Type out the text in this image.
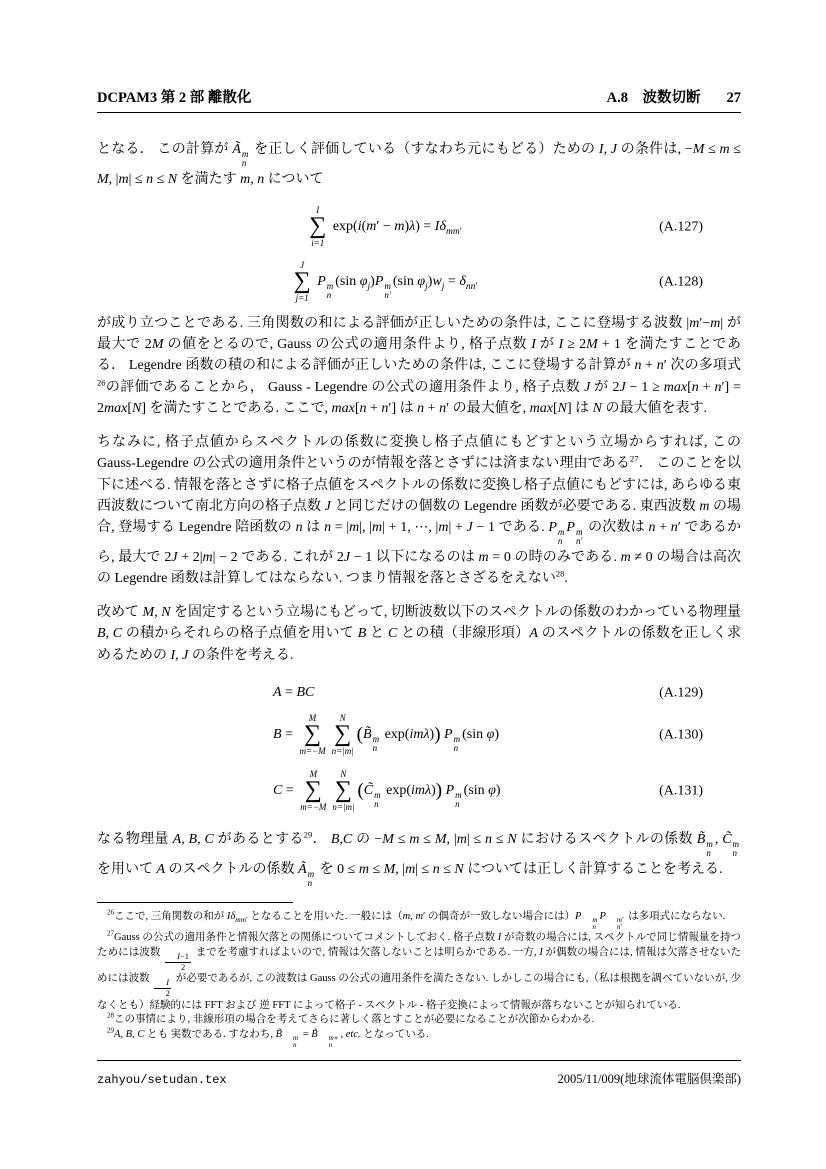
DCPAM3 第 2 部 離散化	A.8　波数切断 27

となる． この計算が Ã m
n
を正しく評価している（すなわち元にもどる）ための I, J の条件は, −M ≤ m ≤ M, |m| ≤ n ≤ N を満たす m, n について

I
∑
i=1
$\exp(i(m' - m)\lambda) = I\delta_{mm'}$	(A.127)
J
∑
j=1
P m
n
(sin $\varphi_j)P$ m
n′
(sin $\varphi_j)w_j = \delta_{nn'}$	(A.128)

が成り立つことである. 三角関数の和による評価が正しいための条件は, ここに登場する波数 |m′−m| が最大で 2M の値をとるので, Gauss の公式の適用条件より, 格子点数 I が I ≥ 2M + 1 を満たすことである． Legendre 函数の積の和による評価が正しいための条件は, ここに登場する計算が n + n′ 次の多項式$^{26}$の評価であることから， Gauss - Legendre の公式の適用条件より, 格子点数 J が 2J − 1 ≥ max[n + n′] = 2max[N] を満たすことである. ここで, max[n + n′] は n + n′ の最大値を, max[N] は N の最大値を表す.

ちなみに, 格子点値からスペクトルの係数に変換し格子点値にもどすという立場からすれば, この Gauss-Legendre の公式の適用条件というのが情報を落とさずには済まない理由である$^{27}$． このことを以下に述べる. 情報を落とさずに格子点値をスペクトルの係数に変換し格子点値にもどすには, あらゆる東西波数について南北方向の格子点数 J と同じだけの個数の Legendre 函数が必要である. 東西波数 m の場合, 登場する Legendre 陪函数の n は n = |m|, |m| + 1, ⋯, |m| + J − 1 である. P m
n
P m
n′
の次数は n + n′ であるから, 最大で 2J + 2|m| − 2 である. これが 2J − 1 以下になるのは m = 0 の時のみである. m ≠ 0 の場合は高次の Legendre 函数は計算してはならない. つまり情報を落とさざるをえない$^{28}$.

改めて M, N を固定するという立場にもどって, 切断波数以下のスペクトルの係数のわかっている物理量 B, C の積からそれらの格子点値を用いて B と C との積（非線形項）A のスペクトルの係数を正しく求めるための I, J の条件を考える.

A = BC	(A.129)
B =
M
∑
m=−M
N
∑
n=|m|
(B̃ m
n
exp(imλ)) P m
n
(sin φ)	(A.130)
C =
M
∑
m=−M
N
∑
n=|m|
(C̃ m
n
exp(imλ)) P m
n
(sin φ)	(A.131)

なる物理量 A, B, C があるとする$^{29}$． B,C の −M ≤ m ≤ M, |m| ≤ n ≤ N におけるスペクトルの係数 B̃ m
n
, C̃ m
n
を用いて A のスペクトルの係数 Ã m
n
を 0 ≤ m ≤ M, |m| ≤ n ≤ N については正しく計算することを考える.

$^{26}$ここで, 三角関数の和が $I\delta_{mm'}$ となることを用いた. 一般には（m, m′ の偶奇が一致しない場合には）P	m
n
P	m′
n′
は多項式にならない.
$^{27}$Gauss の公式の適用条件と情報欠落との関係についてコメントしておく. 格子点数 I が奇数の場合には, スペクトルで同じ情報量を持つためには波数 $\frac{I-1}{2}$ までを考慮すればよいので, 情報は欠落しないことは明らかである. 一方, I が偶数の場合には, 情報は欠落させないためには波数 $\frac{I}{2}$ が必要であるが, この波数は Gauss の公式の適用条件を満たさない. しかしこの場合にも,（私は根拠を調べていないが, 少なくとも）経験的には FFT および 逆 FFT によって格子 - スペクトル - 格子変換によって情報が落ちないことが知られている.
$^{28}$この事情により, 非線形項の場合を考えてさらに著しく落とすことが必要になることが次節からわかる.
$^{29}$A, B, C とも 実数である. すなわち, B̃	m
n
= B̃	m∗
n
, etc. となっている.
zahyou/setudan.tex	2005/11/009(地球流体電脳倶楽部)
